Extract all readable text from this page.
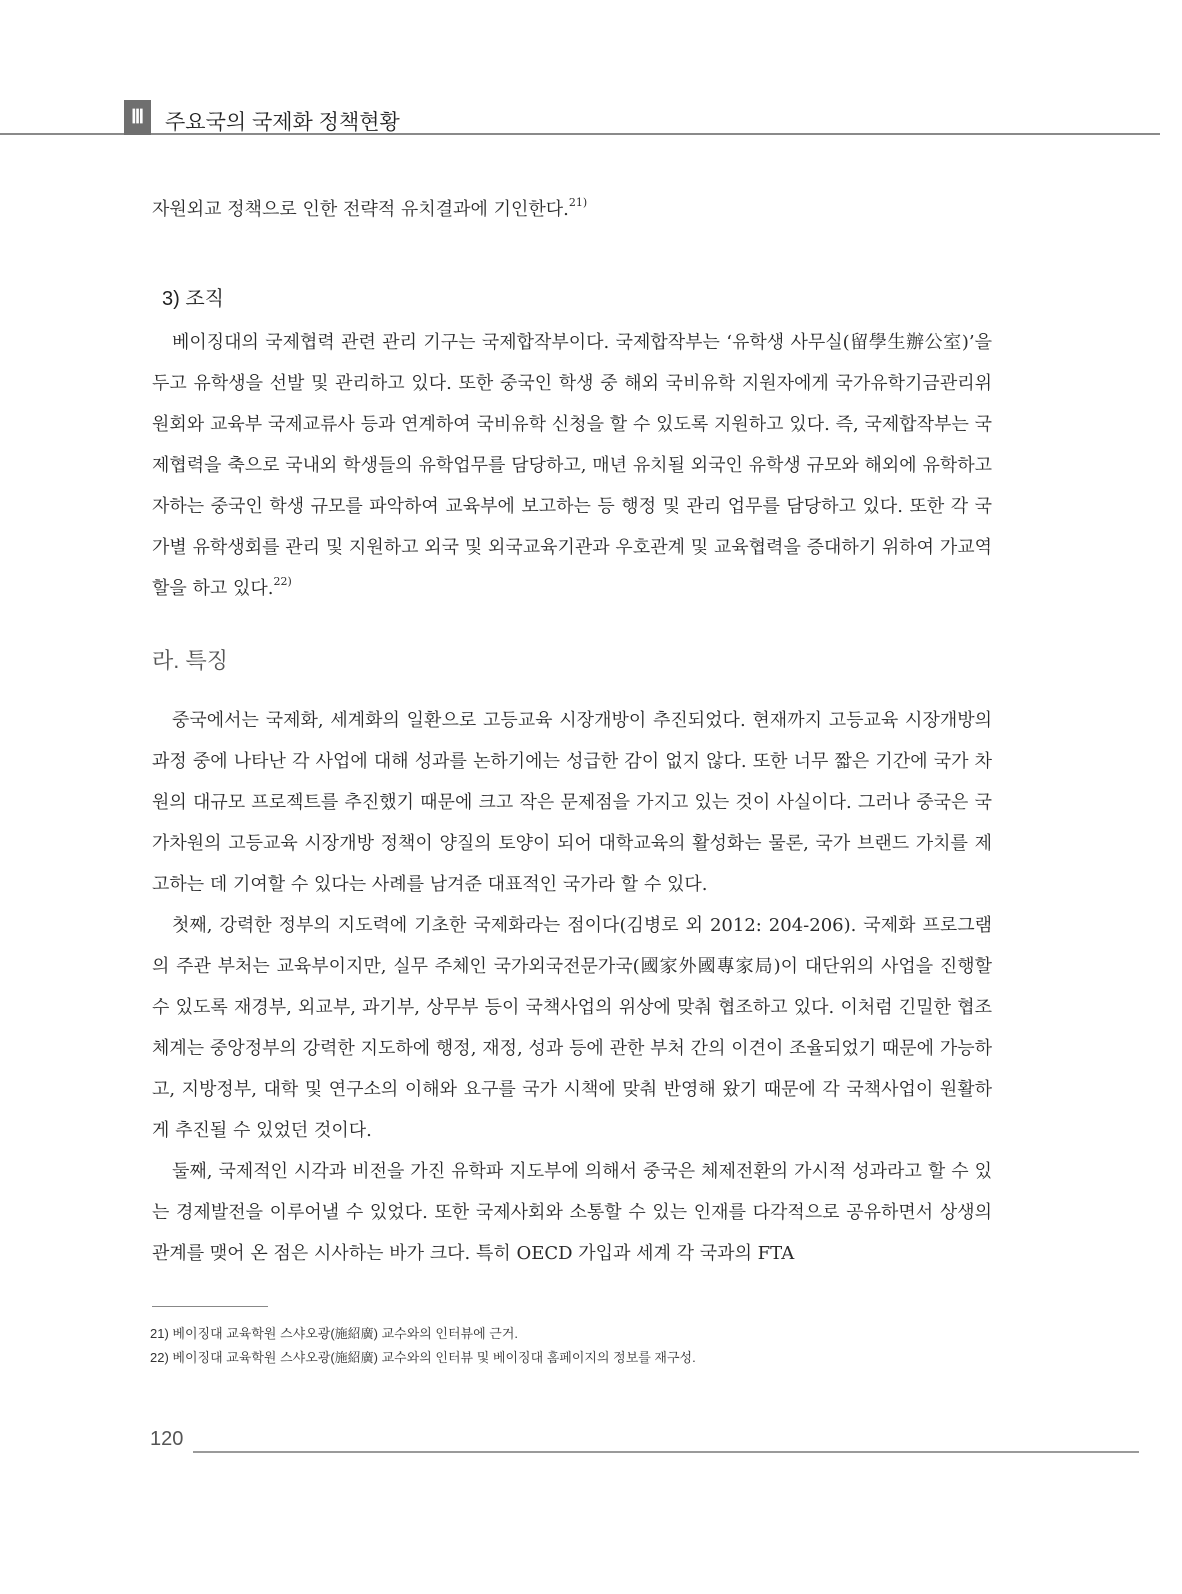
Ⅲ 주요국의 국제화 정책현황

자원외교 정책으로 인한 전략적 유치결과에 기인한다.$^{21)}$

3) 조직

베이징대의 국제협력 관련 관리 기구는 국제합작부이다. 국제합작부는 ‘유학생 사무실(留學生辦公室)’을 두고 유학생을 선발 및 관리하고 있다. 또한 중국인 학생 중 해외 국비유학 지원자에게 국가유학기금관리위원회와 교육부 국제교류사 등과 연계하여 국비유학 신청을 할 수 있도록 지원하고 있다. 즉, 국제합작부는 국제협력을 축으로 국내외 학생들의 유학업무를 담당하고, 매년 유치될 외국인 유학생 규모와 해외에 유학하고자하는 중국인 학생 규모를 파악하여 교육부에 보고하는 등 행정 및 관리 업무를 담당하고 있다. 또한 각 국가별 유학생회를 관리 및 지원하고 외국 및 외국교육기관과 우호관계 및 교육협력을 증대하기 위하여 가교역할을 하고 있다.$^{22)}$

라. 특징

중국에서는 국제화, 세계화의 일환으로 고등교육 시장개방이 추진되었다. 현재까지 고등교육 시장개방의 과정 중에 나타난 각 사업에 대해 성과를 논하기에는 성급한 감이 없지 않다. 또한 너무 짧은 기간에 국가 차원의 대규모 프로젝트를 추진했기 때문에 크고 작은 문제점을 가지고 있는 것이 사실이다. 그러나 중국은 국가차원의 고등교육 시장개방 정책이 양질의 토양이 되어 대학교육의 활성화는 물론, 국가 브랜드 가치를 제고하는 데 기여할 수 있다는 사례를 남겨준 대표적인 국가라 할 수 있다.

첫째, 강력한 정부의 지도력에 기초한 국제화라는 점이다(김병로 외 2012: 204-206). 국제화 프로그램의 주관 부처는 교육부이지만, 실무 주체인 국가외국전문가국(國家外國專家局)이 대단위의 사업을 진행할 수 있도록 재경부, 외교부, 과기부, 상무부 등이 국책사업의 위상에 맞춰 협조하고 있다. 이처럼 긴밀한 협조체계는 중앙정부의 강력한 지도하에 행정, 재정, 성과 등에 관한 부처 간의 이견이 조율되었기 때문에 가능하고, 지방정부, 대학 및 연구소의 이해와 요구를 국가 시책에 맞춰 반영해 왔기 때문에 각 국책사업이 원활하게 추진될 수 있었던 것이다.

둘째, 국제적인 시각과 비전을 가진 유학파 지도부에 의해서 중국은 체제전환의 가시적 성과라고 할 수 있는 경제발전을 이루어낼 수 있었다. 또한 국제사회와 소통할 수 있는 인재를 다각적으로 공유하면서 상생의 관계를 맺어 온 점은 시사하는 바가 크다. 특히 OECD 가입과 세계 각 국과의 FTA

21) 베이징대 교육학원 스샤오광(施紹廣) 교수와의 인터뷰에 근거.
22) 베이징대 교육학원 스샤오광(施紹廣) 교수와의 인터뷰 및 베이징대 홈페이지의 정보를 재구성.
120
